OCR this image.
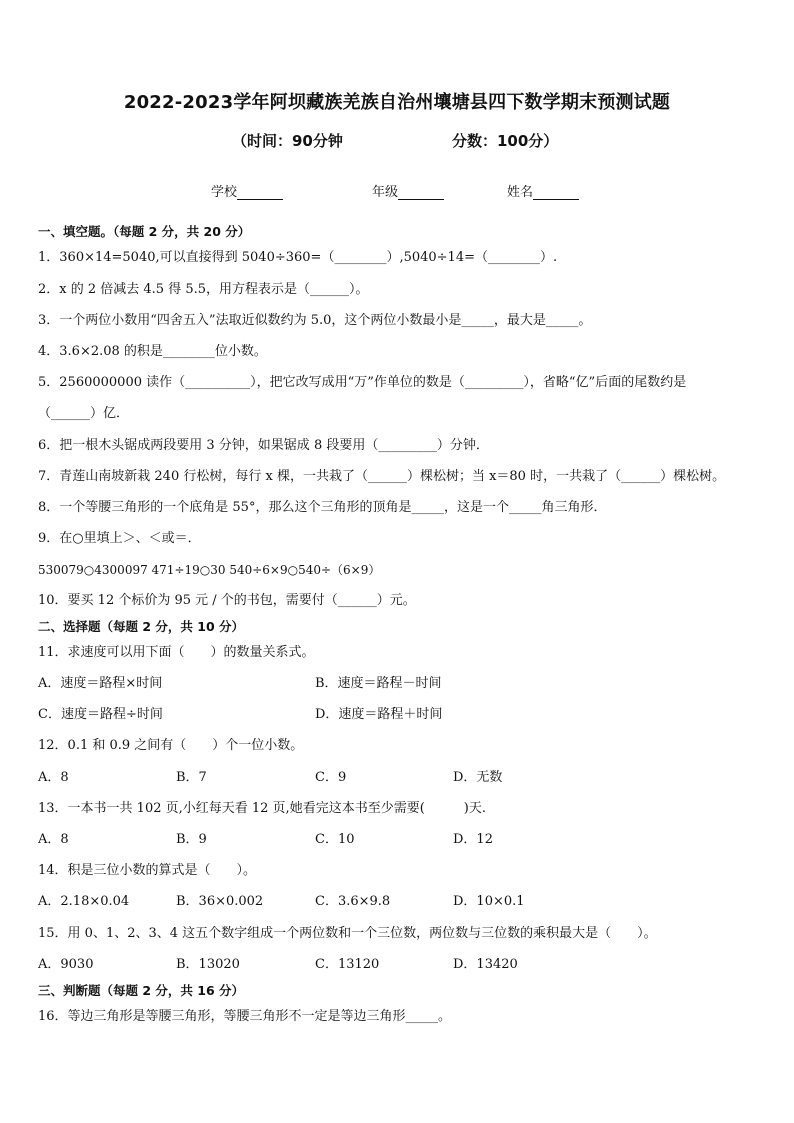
2022-2023学年阿坝藏族羌族自治州壤塘县四下数学期末预测试题
（时间：90分钟	分数：100分）
学校	年级	姓名
一、填空题。（每题 2 分，共 20 分）
1．360×14=5040,可以直接得到 5040÷360=（________）,5040÷14=（________）.
2．x 的 2 倍减去 4.5 得 5.5，用方程表示是（______）。
3．一个两位小数用“四舍五入”法取近似数约为 5.0，这个两位小数最小是_____，最大是_____。
4．3.6×2.08 的积是________位小数。
5．2560000000 读作（__________），把它改写成用“万”作单位的数是（_________），省略“亿”后面的尾数约是
（______）亿．
6．把一根木头锯成两段要用 3 分钟，如果锯成 8 段要用（_________）分钟．
7．青莲山南坡新栽 240 行松树，每行 x 棵，一共栽了（______）棵松树；当 x＝80 时，一共栽了（______）棵松树。
8．一个等腰三角形的一个底角是 55°，那么这个三角形的顶角是_____，这是一个_____角三角形．
9．在○里填上＞、＜或＝．
530079○4300097 471÷19○30 540÷6×9○540÷（6×9）
10．要买 12 个标价为 95 元 / 个的书包，需要付（______）元。
二、选择题（每题 2 分，共 10 分）
11．求速度可以用下面（　　）的数量关系式。
A．速度＝路程×时间	B．速度＝路程－时间
C．速度＝路程÷时间	D．速度＝路程＋时间
12．0.1 和 0.9 之间有（　　）个一位小数。
A．8	B．7	C．9	D．无数
13．一本书一共 102 页,小红每天看 12 页,她看完这本书至少需要(　　　)天.
A．8	B．9	C．10	D．12
14．积是三位小数的算式是（　　）。
A．2.18×0.04	B．36×0.002	C．3.6×9.8	D．10×0.1
15．用 0、1、2、3、4 这五个数字组成一个两位数和一个三位数，两位数与三位数的乘积最大是（　　）。
A．9030	B．13020	C．13120	D．13420
三、判断题（每题 2 分，共 16 分）
16．等边三角形是等腰三角形，等腰三角形不一定是等边三角形_____。
